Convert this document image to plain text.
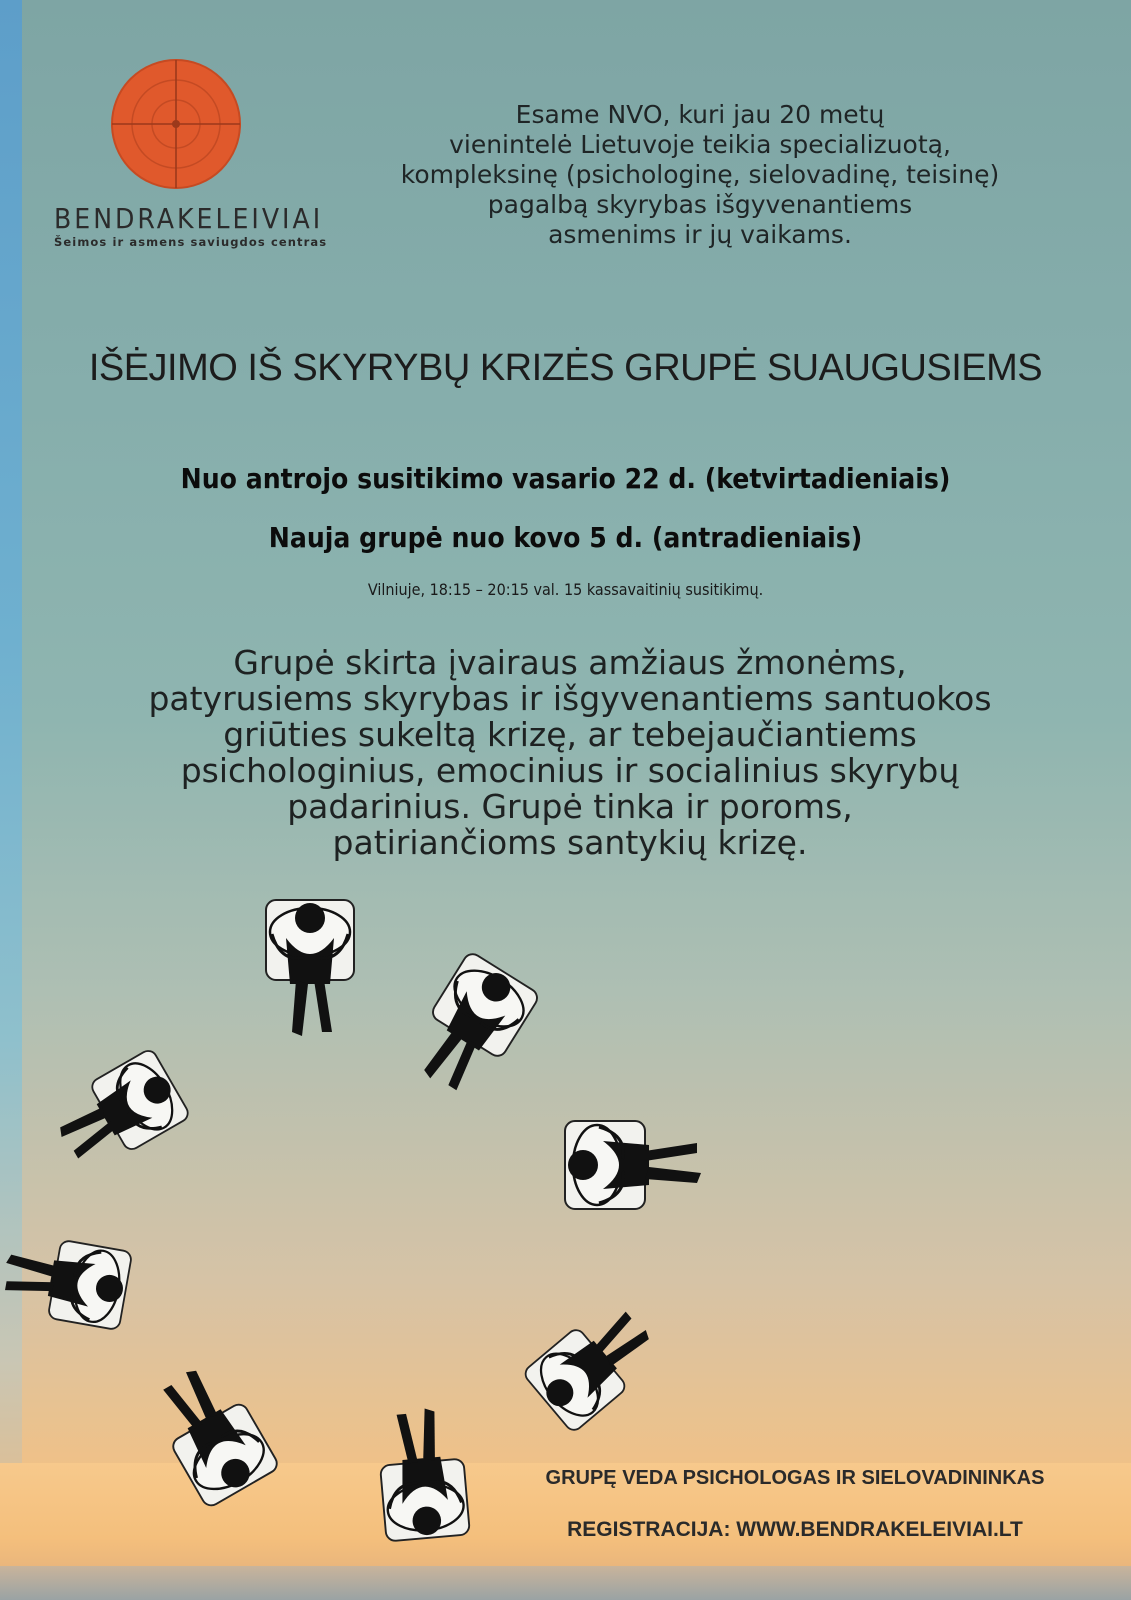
BENDRAKELEIVIAI
Šeimos ir asmens saviugdos centras
Esame NVO, kuri jau 20 metų
vienintelė Lietuvoje teikia specializuotą,
kompleksinę (psichologinę, sielovadinę, teisinę)
pagalbą skyrybas išgyvenantiems
asmenims ir jų vaikams.
IŠĖJIMO IŠ SKYRYBŲ KRIZĖS GRUPĖ SUAUGUSIEMS
Nuo antrojo susitikimo vasario 22 d. (ketvirtadieniais)
Nauja grupė nuo kovo 5 d. (antradieniais)
Vilniuje, 18:15 – 20:15 val. 15 kassavaitinių susitikimų.
Grupė skirta įvairaus amžiaus žmonėms,
patyrusiems skyrybas ir išgyvenantiems santuokos
griūties sukeltą krizę, ar tebejaučiantiems
psichologinius, emocinius ir socialinius skyrybų
padarinius. Grupė tinka ir poroms,
patiriančioms santykių krizę.
GRUPĘ VEDA PSICHOLOGAS IR SIELOVADININKAS
REGISTRACIJA: WWW.BENDRAKELEIVIAI.LT
